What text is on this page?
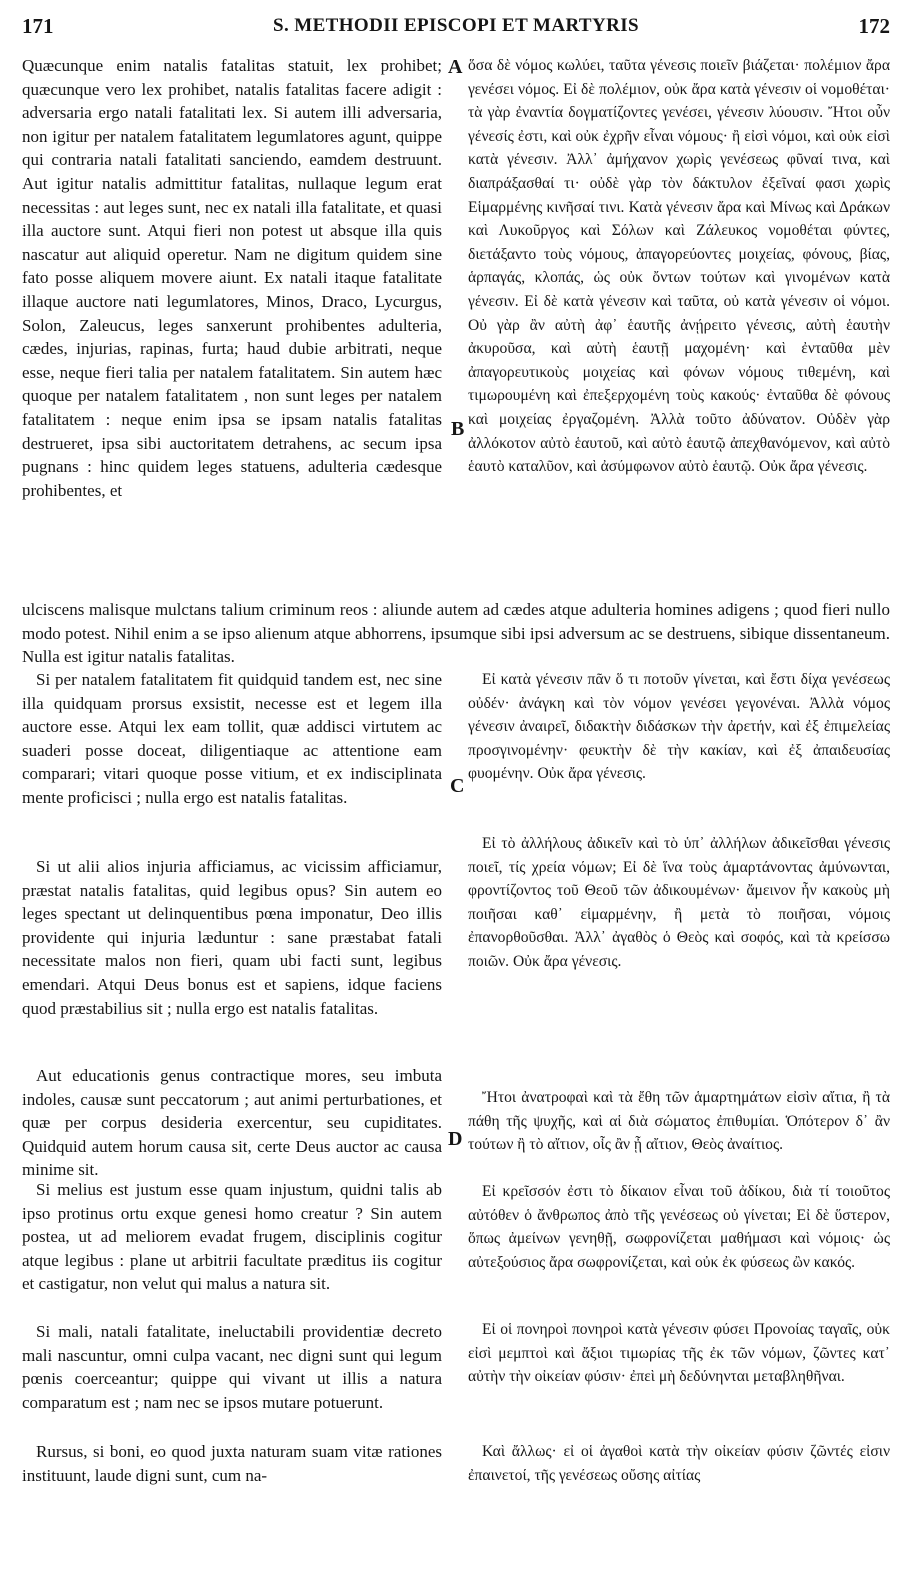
171	S. METHODII EPISCOPI ET MARTYRIS	172
A
B
C
D

Quæcunque enim natalis fatalitas statuit, lex prohibet; quæcunque vero lex prohibet, natalis fatalitas facere adigit : adversaria ergo natali fatalitati lex. Si autem illi adversaria, non igitur per natalem fatalitatem legumlatores agunt, quippe qui contraria natali fatalitati sanciendo, eamdem destruunt. Aut igitur natalis admittitur fatalitas, nullaque legum erat necessitas : aut leges sunt, nec ex natali illa fatalitate, et quasi illa auctore sunt. Atqui fieri non potest ut absque illa quis nascatur aut aliquid operetur. Nam ne digitum quidem sine fato posse aliquem movere aiunt. Ex natali itaque fatalitate illaque auctore nati legumlatores, Minos, Draco, Lycurgus, Solon, Zaleucus, leges sanxerunt prohibentes adulteria, cædes, injurias, rapinas, furta; haud dubie arbitrati, neque esse, neque fieri talia per natalem fatalitatem. Sin autem hæc quoque per natalem fatalitatem , non sunt leges per natalem fatalitatem : neque enim ipsa se ipsam natalis fatalitas destrueret, ipsa sibi auctoritatem detrahens, ac secum ipsa pugnans : hinc quidem leges statuens, adulteria cædesque prohibentes, et

ulciscens malisque mulctans talium criminum reos : aliunde autem ad cædes atque adulteria homines adigens ; quod fieri nullo modo potest. Nihil enim a se ipso alienum atque abhorrens, ipsumque sibi ipsi adversum ac se destruens, sibique dissentaneum. Nulla est igitur natalis fatalitas.

Si per natalem fatalitatem fit quidquid tandem est, nec sine illa quidquam prorsus exsistit, necesse est et legem illa auctore esse. Atqui lex eam tollit, quæ addisci virtutem ac suaderi posse doceat, diligentiaque ac attentione eam comparari; vitari quoque posse vitium, et ex indisciplinata mente proficisci ; nulla ergo est natalis fatalitas.

Si ut alii alios injuria afficiamus, ac vicissim afficiamur, præstat natalis fatalitas, quid legibus opus? Sin autem eo leges spectant ut delinquentibus pœna imponatur, Deo illis providente qui injuria læduntur : sane præstabat fatali necessitate malos non fieri, quam ubi facti sunt, legibus emendari. Atqui Deus bonus est et sapiens, idque faciens quod præstabilius sit ; nulla ergo est natalis fatalitas.

Aut educationis genus contractique mores, seu imbuta indoles, causæ sunt peccatorum ; aut animi perturbationes, et quæ per corpus desideria exercentur, seu cupiditates. Quidquid autem horum causa sit, certe Deus auctor ac causa minime sit.

Si melius est justum esse quam injustum, quidni talis ab ipso protinus ortu exque genesi homo creatur ? Sin autem postea, ut ad meliorem evadat frugem, disciplinis cogitur atque legibus : plane ut arbitrii facultate præditus iis cogitur et castigatur, non velut qui malus a natura sit.

Si mali, natali fatalitate, ineluctabili providentiæ decreto mali nascuntur, omni culpa vacant, nec digni sunt qui legum pœnis coerceantur; quippe qui vivant ut illis a natura comparatum est ; nam nec se ipsos mutare potuerunt.

Rursus, si boni, eo quod juxta naturam suam vitæ rationes instituunt, laude digni sunt, cum na-

ὅσα δὲ νόμος κωλύει, ταῦτα γένεσις ποιεῖν βιάζεται· πολέμιον ἄρα γενέσει νόμος. Εἰ δὲ πολέμιον, οὐκ ἄρα κατὰ γένεσιν οἱ νομοθέται· τὰ γὰρ ἐναντία δογματίζοντες γενέσει, γένεσιν λύουσιν. Ἤτοι οὖν γένεσίς ἐστι, καὶ οὐκ ἐχρῆν εἶναι νόμους· ἢ εἰσὶ νόμοι, καὶ οὐκ εἰσὶ κατὰ γένεσιν. Ἀλλ᾽ ἀμήχανον χωρὶς γενέσεως φῦναί τινα, καὶ διαπράξασθαί τι· οὐδὲ γὰρ τὸν δάκτυλον ἐξεῖναί φασι χωρὶς Εἱμαρμένης κινῆσαί τινι. Κατὰ γένεσιν ἄρα καὶ Μίνως καὶ Δράκων καὶ Λυκοῦργος καὶ Σόλων καὶ Ζάλευκος νομοθέται φύντες, διετάξαντο τοὺς νόμους, ἀπαγορεύοντες μοιχείας, φόνους, βίας, ἁρπαγάς, κλοπάς, ὡς οὐκ ὄντων τούτων καὶ γινομένων κατὰ γένεσιν. Εἰ δὲ κατὰ γένεσιν καὶ ταῦτα, οὐ κατὰ γένεσιν οἱ νόμοι. Οὐ γὰρ ἂν αὐτὴ ἀφ᾽ ἑαυτῆς ἀνῄρειτο γένεσις, αὐτὴ ἑαυτὴν ἀκυροῦσα, καὶ αὐτὴ ἑαυτῇ μαχομένη· καὶ ἐνταῦθα μὲν ἀπαγορευτικοὺς μοιχείας καὶ φόνων νόμους τιθεμένη, καὶ τιμωρουμένη καὶ ἐπεξερχομένη τοὺς κακούς· ἐνταῦθα δὲ φόνους καὶ μοιχείας ἐργαζομένη. Ἀλλὰ τοῦτο ἀδύνατον. Οὐδὲν γὰρ ἀλλόκοτον αὐτὸ ἑαυτοῦ, καὶ αὐτὸ ἑαυτῷ ἀπεχθανόμενον, καὶ αὐτὸ ἑαυτὸ καταλῦον, καὶ ἀσύμφωνον αὐτὸ ἑαυτῷ. Οὐκ ἄρα γένεσις.

Εἰ κατὰ γένεσιν πᾶν ὅ τι ποτοῦν γίνεται, καὶ ἔστι δίχα γενέσεως οὐδέν· ἀνάγκη καὶ τὸν νόμον γενέσει γεγονέναι. Ἀλλὰ νόμος γένεσιν ἀναιρεῖ, διδακτὴν διδάσκων τὴν ἀρετήν, καὶ ἐξ ἐπιμελείας προσγινομένην· φευκτὴν δὲ τὴν κακίαν, καὶ ἐξ ἀπαιδευσίας φυομένην. Οὐκ ἄρα γένεσις.

Εἰ τὸ ἀλλήλους ἀδικεῖν καὶ τὸ ὑπ᾽ ἀλλήλων ἀδικεῖσθαι γένεσις ποιεῖ, τίς χρεία νόμων; Εἰ δὲ ἵνα τοὺς ἁμαρτάνοντας ἀμύνωνται, φροντίζοντος τοῦ Θεοῦ τῶν ἀδικουμένων· ἄμεινον ἦν κακοὺς μὴ ποιῆσαι καθ᾽ εἱμαρμένην, ἢ μετὰ τὸ ποιῆσαι, νόμοις ἐπανορθοῦσθαι. Ἀλλ᾽ ἀγαθὸς ὁ Θεὸς καὶ σοφός, καὶ τὰ κρείσσω ποιῶν. Οὐκ ἄρα γένεσις.

Ἤτοι ἀνατροφαὶ καὶ τὰ ἔθη τῶν ἁμαρτημάτων εἰσὶν αἴτια, ἢ τὰ πάθη τῆς ψυχῆς, καὶ αἱ διὰ σώματος ἐπιθυμίαι. Ὁπότερον δ᾽ ἂν τούτων ἢ τὸ αἴτιον, οἷς ἂν ᾖ αἴτιον, Θεὸς ἀναίτιος.

Εἰ κρεῖσσόν ἐστι τὸ δίκαιον εἶναι τοῦ ἀδίκου, διὰ τί τοιοῦτος αὐτόθεν ὁ ἄνθρωπος ἀπὸ τῆς γενέσεως οὐ γίνεται; Εἰ δὲ ὕστερον, ὅπως ἀμείνων γενηθῇ, σωφρονίζεται μαθήμασι καὶ νόμοις· ὡς αὐτεξούσιος ἄρα σωφρονίζεται, καὶ οὐκ ἐκ φύσεως ὢν κακός.

Εἰ οἱ πονηροὶ πονηροὶ κατὰ γένεσιν φύσει Προνοίας ταγαῖς, οὐκ εἰσὶ μεμπτοὶ καὶ ἄξιοι τιμωρίας τῆς ἐκ τῶν νόμων, ζῶντες κατ᾽ αὐτὴν τὴν οἰκείαν φύσιν· ἐπεὶ μὴ δεδύνηνται μεταβληθῆναι.

Καὶ ἄλλως· εἰ οἱ ἀγαθοὶ κατὰ τὴν οἰκείαν φύσιν ζῶντές εἰσιν ἐπαινετοί, τῆς γενέσεως οὔσης αἰτίας
